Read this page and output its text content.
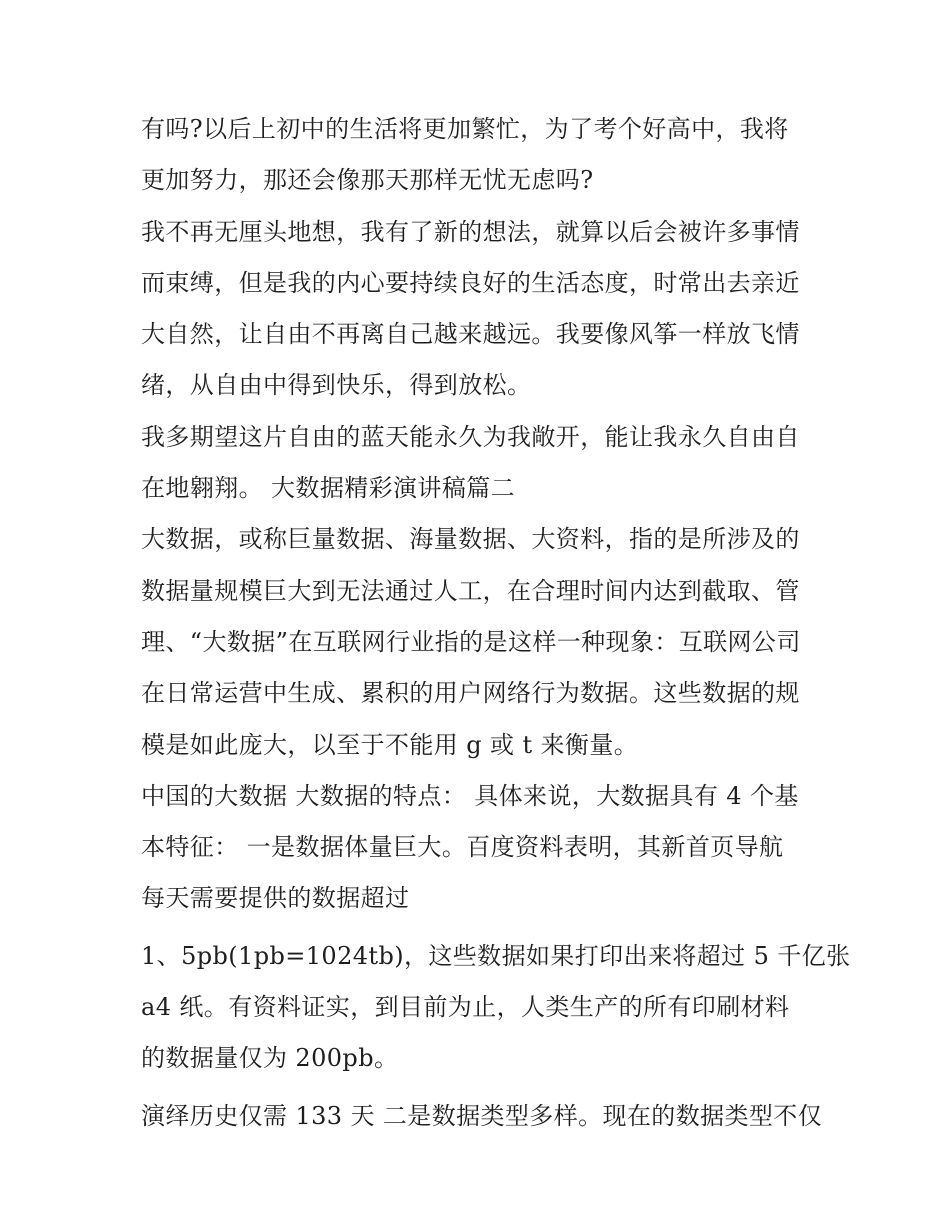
有吗?以后上初中的生活将更加繁忙，为了考个好高中，我将

更加努力，那还会像那天那样无忧无虑吗?

我不再无厘头地想，我有了新的想法，就算以后会被许多事情

而束缚，但是我的内心要持续良好的生活态度，时常出去亲近

大自然，让自由不再离自己越来越远。我要像风筝一样放飞情

绪，从自由中得到快乐，得到放松。

我多期望这片自由的蓝天能永久为我敞开，能让我永久自由自

在地翱翔。 大数据精彩演讲稿篇二

大数据，或称巨量数据、海量数据、大资料，指的是所涉及的

数据量规模巨大到无法通过人工，在合理时间内达到截取、管

理、“大数据”在互联网行业指的是这样一种现象：互联网公司

在日常运营中生成、累积的用户网络行为数据。这些数据的规

模是如此庞大，以至于不能用 g 或 t 来衡量。

中国的大数据 大数据的特点： 具体来说，大数据具有 4 个基

本特征： 一是数据体量巨大。百度资料表明，其新首页导航

每天需要提供的数据超过

1、5pb(1pb=1024tb)，这些数据如果打印出来将超过 5 千亿张

a4 纸。有资料证实，到目前为止，人类生产的所有印刷材料

的数据量仅为 200pb。

演绎历史仅需 133 天 二是数据类型多样。现在的数据类型不仅
